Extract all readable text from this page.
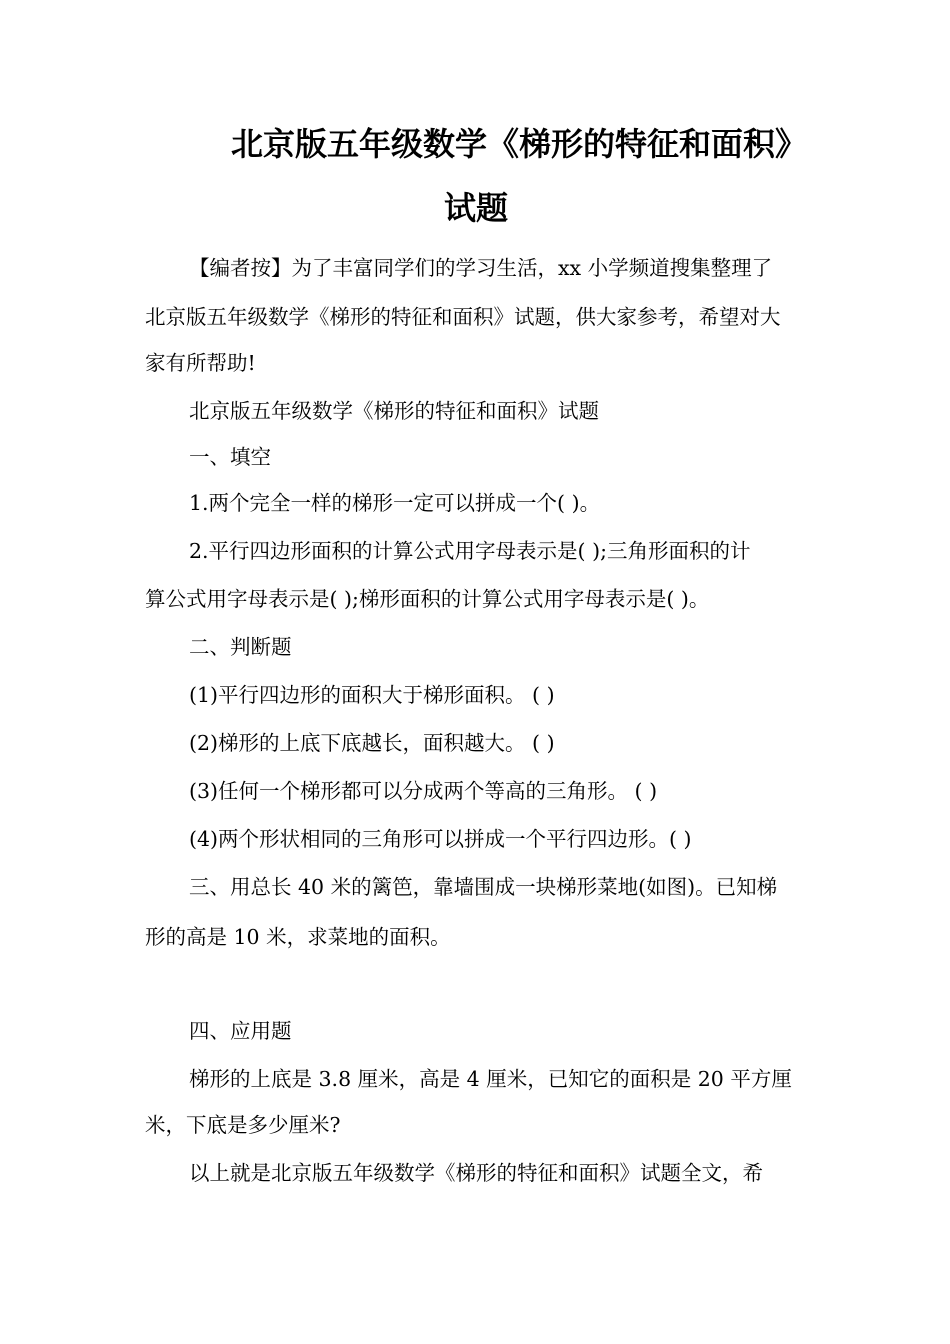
北京版五年级数学《梯形的特征和面积》
试题
【编者按】为了丰富同学们的学习生活，xx 小学频道搜集整理了
北京版五年级数学《梯形的特征和面积》试题，供大家参考，希望对大
家有所帮助!
北京版五年级数学《梯形的特征和面积》试题
一、填空
1.两个完全一样的梯形一定可以拼成一个( )。
2.平行四边形面积的计算公式用字母表示是( );三角形面积的计
算公式用字母表示是( );梯形面积的计算公式用字母表示是( )。
二、判断题
(1)平行四边形的面积大于梯形面积。 ( )
(2)梯形的上底下底越长，面积越大。 ( )
(3)任何一个梯形都可以分成两个等高的三角形。 ( )
(4)两个形状相同的三角形可以拼成一个平行四边形。( )
三、用总长 40 米的篱笆，靠墙围成一块梯形菜地(如图)。已知梯
形的高是 10 米，求菜地的面积。
四、应用题
梯形的上底是 3.8 厘米，高是 4 厘米，已知它的面积是 20 平方厘
米，下底是多少厘米?
以上就是北京版五年级数学《梯形的特征和面积》试题全文，希
